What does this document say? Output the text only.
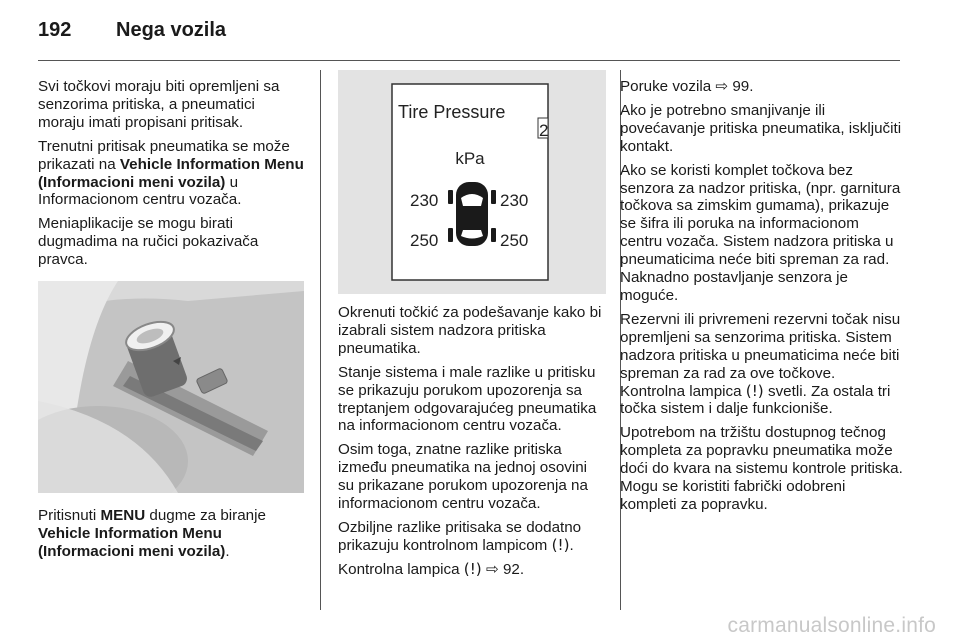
192 Nega vozila

Svi točkovi moraju biti opremljeni sa senzorima pritiska, a pneumatici moraju imati propisani pritisak.

Trenutni pritisak pneumatika se može prikazati na Vehicle Information Menu (Informacioni meni vozila) u Informacionom centru vozača.

Meniaplikacije se mogu birati dugmadima na ručici pokazivača pravca.

Pritisnuti MENU dugme za biranje Vehicle Information Menu (Informacioni meni vozila).

Tire Pressure
2
kPa
230	230
250	250

Okrenuti točkić za podešavanje kako bi izabrali sistem nadzora pritiska pneumatika.

Stanje sistema i male razlike u pritisku se prikazuju porukom upozorenja sa treptanjem odgovarajućeg pneumatika na informacionom centru vozača.

Osim toga, znatne razlike pritiska između pneumatika na jednoj osovini su prikazane porukom upozorenja na informacionom centru vozača.

Ozbiljne razlike pritisaka se dodatno prikazuju kontrolnom lampicom (!).

Kontrolna lampica (!) ⇨ 92.

Poruke vozila ⇨ 99.

Ako je potrebno smanjivanje ili povećavanje pritiska pneumatika, isključiti kontakt.

Ako se koristi komplet točkova bez senzora za nadzor pritiska, (npr. garnitura točkova sa zimskim gumama), prikazuje se šifra ili poruka na informacionom centru vozača. Sistem nadzora pritiska u pneumaticima neće biti spreman za rad. Naknadno postavljanje senzora je moguće.

Rezervni ili privremeni rezervni točak nisu opremljeni sa senzorima pritiska. Sistem nadzora pritiska u pneumaticima neće biti spreman za rad za ove točkove. Kontrolna lampica (!) svetli. Za ostala tri točka sistem i dalje funkcioniše.

Upotrebom na tržištu dostupnog tečnog kompleta za popravku pneumatika može doći do kvara na sistemu kontrole pritiska. Mogu se koristiti fabrički odobreni kompleti za popravku.

carmanualsonline.info
